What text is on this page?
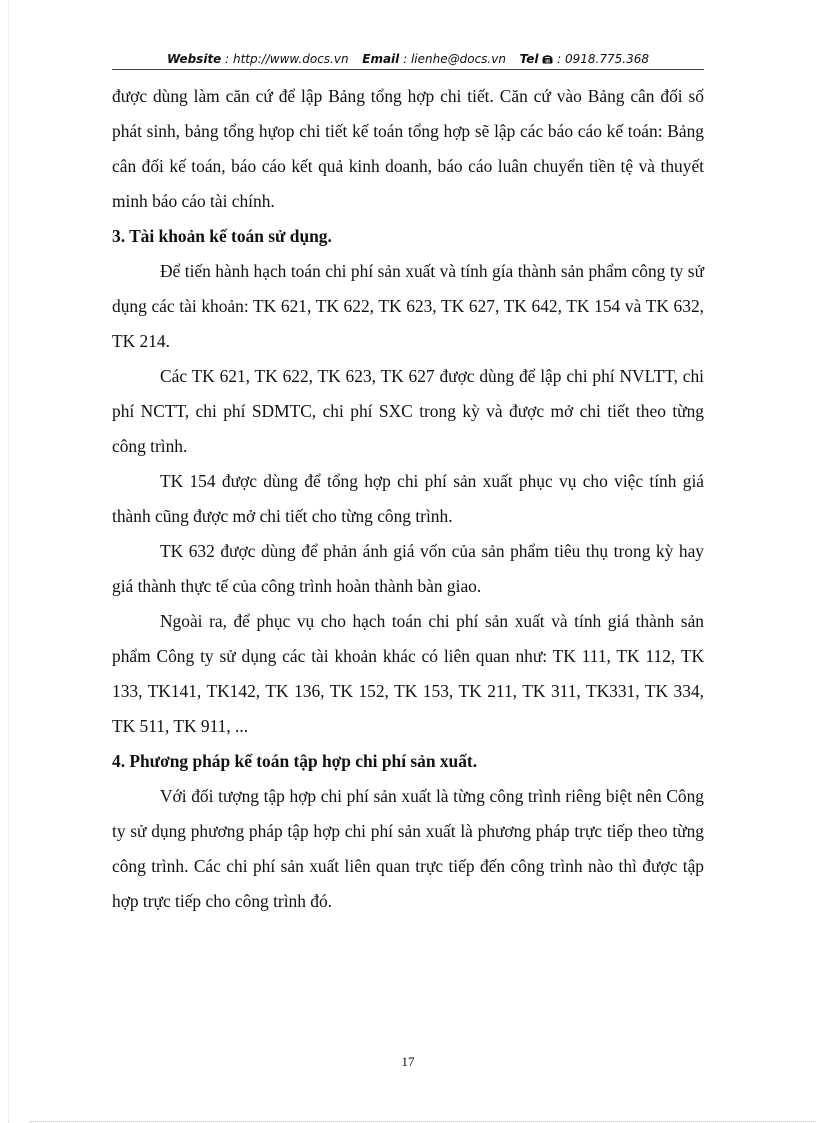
Website : http://www.docs.vn Email : lienhe@docs.vn Tel : 0918.775.368

được dùng làm căn cứ để lập Bảng tổng hợp chi tiết. Căn cứ vào Bảng cân đối số phát sinh, bảng tổng hựop chi tiết kế toán tổng hợp sẽ lập các báo cáo kế toán: Bảng cân đối kế toán, báo cáo kết quả kinh doanh, báo cáo luân chuyển tiền tệ và thuyết minh báo cáo tài chính.

3. Tài khoản kế toán sử dụng.

Để tiến hành hạch toán chi phí sản xuất và tính gía thành sản phẩm công ty sử dụng các tài khoản: TK 621, TK 622, TK 623, TK 627, TK 642, TK 154 và TK 632, TK 214.

Các TK 621, TK 622, TK 623, TK 627 được dùng để lập chi phí NVLTT, chi phí NCTT, chi phí SDMTC, chi phí SXC trong kỳ và được mở chi tiết theo từng công trình.

TK 154 được dùng để tổng hợp chi phí sản xuất phục vụ cho việc tính giá thành cũng được mở chi tiết cho từng công trình.

TK 632 được dùng để phản ánh giá vốn của sản phẩm tiêu thụ trong kỳ hay giá thành thực tế của công trình hoàn thành bàn giao.

Ngoài ra, để phục vụ cho hạch toán chi phí sản xuất và tính giá thành sản phẩm Công ty sử dụng các tài khoản khác có liên quan như: TK 111, TK 112, TK 133, TK141, TK142, TK 136, TK 152, TK 153, TK 211, TK 311, TK331, TK 334, TK 511, TK 911, ...

4. Phương pháp kế toán tập hợp chi phí sản xuất.

Với đối tượng tập hợp chi phí sản xuất là từng công trình riêng biệt nên Công ty sử dụng phương pháp tập hợp chi phí sản xuất là phương pháp trực tiếp theo từng công trình. Các chi phí sản xuất liên quan trực tiếp đến công trình nào thì được tập hợp trực tiếp cho công trình đó.

17
